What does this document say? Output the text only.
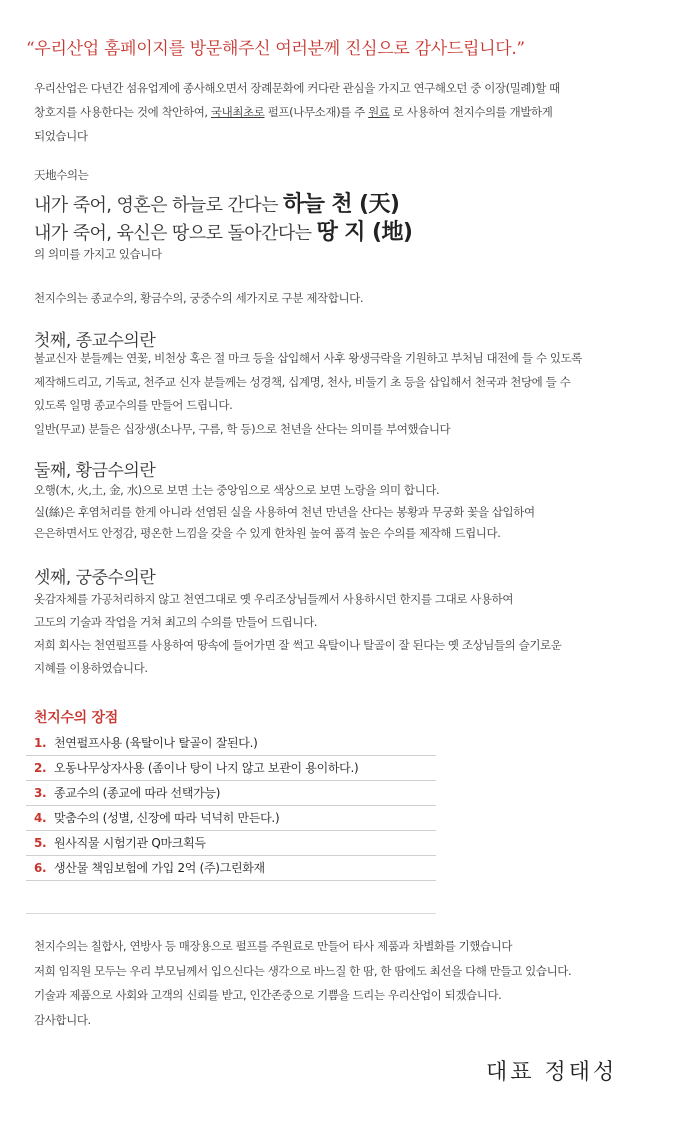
“우리산업 홈페이지를 방문해주신 여러분께 진심으로 감사드립니다.”

우리산업은 다년간 섬유업계에 종사해오면서 장례문화에 커다란 관심을 가지고 연구해오던 중 이장(밀례)할 때

창호지를 사용한다는 것에 착안하여, 국내최초로 펄프(나무소재)를 주 원료 로 사용하여 천지수의를 개발하게

되었습니다

天地수의는
내가 죽어, 영혼은 하늘로 간다는 하늘 천 (天)
내가 죽어, 육신은 땅으로 돌아간다는 땅 지 (地)
의 의미를 가지고 있습니다
천지수의는 종교수의, 황금수의, 궁중수의 세가지로 구분 제작합니다.
첫째, 종교수의란

불교신자 분들께는 연꽃, 비천상 혹은 절 마크 등을 삽입해서 사후 왕생극락을 기원하고 부처님 대전에 들 수 있도록

제작해드리고, 기독교, 천주교 신자 분들께는 성경책, 십계명, 천사, 비둘기 초 등을 삽입해서 천국과 천당에 들 수

있도록 일명 종교수의를 만들어 드립니다.

일반(무교) 분들은 십장생(소나무, 구름, 학 등)으로 천년을 산다는 의미를 부여했습니다

둘째, 황금수의란

오행(木, 火,土, 金, 水)으로 보면 土는 중앙임으로 색상으로 보면 노랑을 의미 합니다.

실(絲)은 후염처리를 한게 아니라 선염된 실을 사용하여 천년 만년을 산다는 봉황과 무궁화 꽃을 삽입하여

은은하면서도 안정감, 평온한 느낌을 갖을 수 있게 한차원 높여 품격 높은 수의를 제작해 드립니다.

셋째, 궁중수의란

옷감자체를 가공처리하지 않고 천연그대로 옛 우리조상님들께서 사용하시던 한지를 그대로 사용하여

고도의 기술과 작업을 거쳐 최고의 수의를 만들어 드립니다.

저희 회사는 천연펄프를 사용하여 땅속에 들어가면 잘 썩고 육탈이나 탈골이 잘 된다는 옛 조상님들의 슬기로운

지혜를 이용하였습니다.

천지수의 장점
1. 천연펄프사용 (육탈이나 탈골이 잘된다.)
2. 오동나무상자사용 (좀이나 탕이 나지 않고 보관이 용이하다.)
3. 종교수의 (종교에 따라 선택가능)
4. 맞춤수의 (성별, 신장에 따라 넉넉히 만든다.)
5. 원사직물 시험기관 Q마크획득
6. 생산물 책임보험에 가입 2억 (주)그린화재

천지수의는 칠합사, 연방사 등 매장용으로 펄프를 주원료로 만들어 타사 제품과 차별화를 기했습니다

저희 임직원 모두는 우리 부모님께서 입으신다는 생각으로 바느질 한 땀, 한 땀에도 최선을 다해 만들고 있습니다.

기술과 제품으로 사회와 고객의 신뢰를 받고, 인간존중으로 기쁨을 드리는 우리산업이 되겠습니다.

감사합니다.

대표 정태성
